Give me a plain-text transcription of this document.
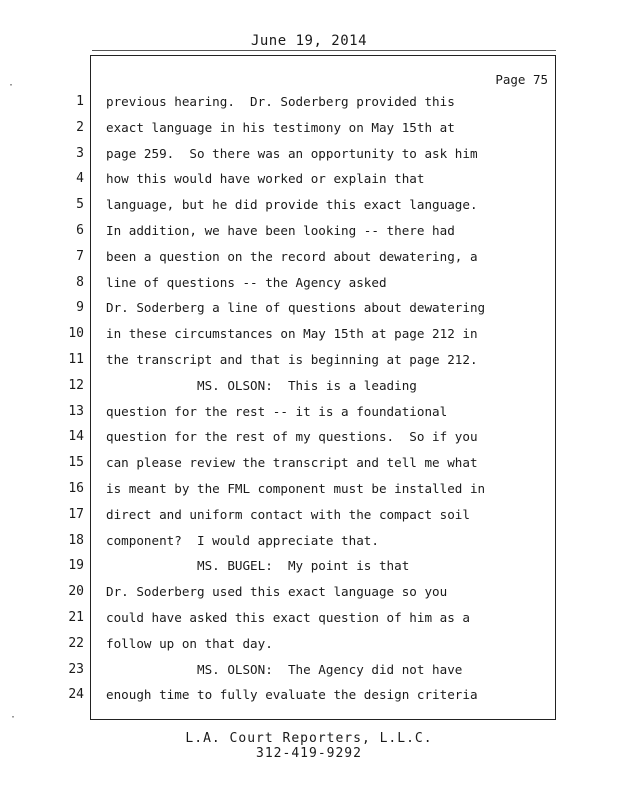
June 19, 2014
Page 75
1
2
3
4
5
6
7
8
9
10
11
12
13
14
15
16
17
18
19
20
21
22
23
24
previous hearing.  Dr. Soderberg provided this
exact language in his testimony on May 15th at
page 259.  So there was an opportunity to ask him
how this would have worked or explain that
language, but he did provide this exact language.
In addition, we have been looking -- there had
been a question on the record about dewatering, a
line of questions -- the Agency asked
Dr. Soderberg a line of questions about dewatering
in these circumstances on May 15th at page 212 in
the transcript and that is beginning at page 212.
MS. OLSON:  This is a leading
question for the rest -- it is a foundational
question for the rest of my questions.  So if you
can please review the transcript and tell me what
is meant by the FML component must be installed in
direct and uniform contact with the compact soil
component?  I would appreciate that.
MS. BUGEL:  My point is that
Dr. Soderberg used this exact language so you
could have asked this exact question of him as a
follow up on that day.
MS. OLSON:  The Agency did not have
enough time to fully evaluate the design criteria
L.A. Court Reporters, L.L.C.
312-419-9292
·
·
